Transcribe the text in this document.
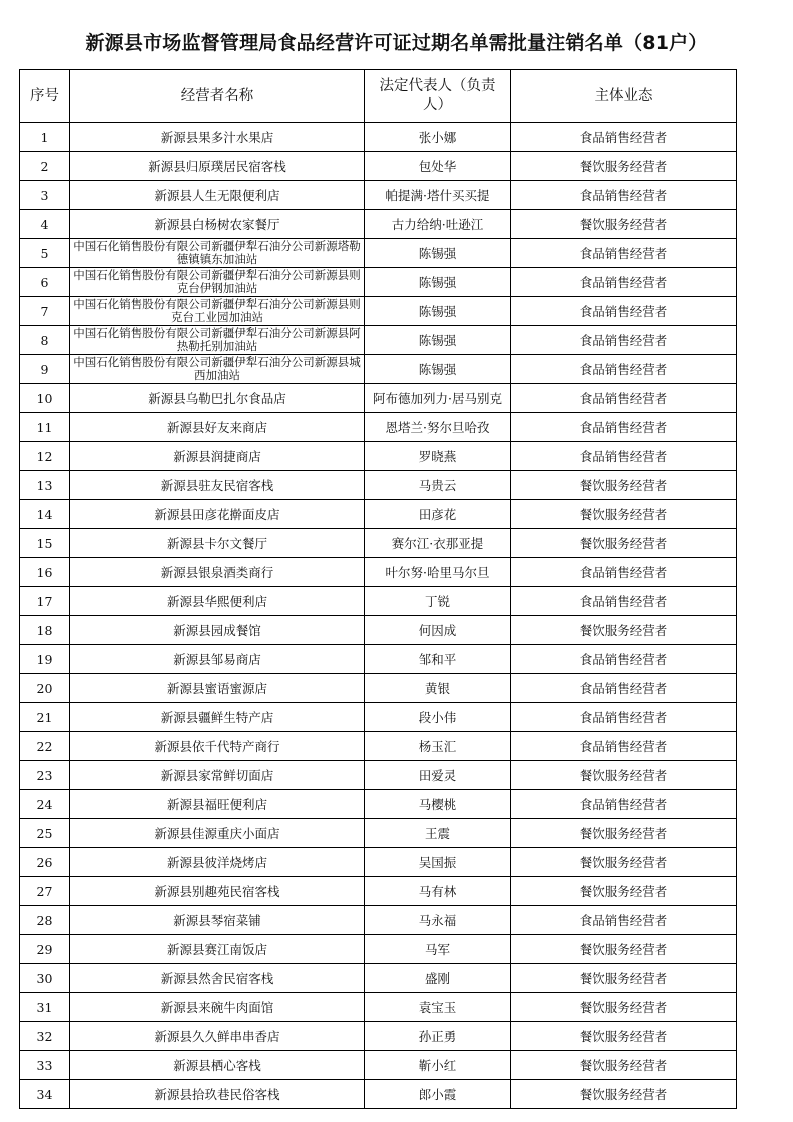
新源县市场监督管理局食品经营许可证过期名单需批量注销名单（81户）
序号	经营者名称	法定代表人（负责人）	主体业态
1	新源县果多汁水果店	张小娜	食品销售经营者
2	新源县归原璞居民宿客栈	包处华	餐饮服务经营者
3	新源县人生无限便利店	帕提满·塔什买买提	食品销售经营者
4	新源县白杨树农家餐厅	古力给纳·吐逊江	餐饮服务经营者
5	中国石化销售股份有限公司新疆伊犁石油分公司新源塔勒德镇镇东加油站	陈锡强	食品销售经营者
6	中国石化销售股份有限公司新疆伊犁石油分公司新源县则克台伊钢加油站	陈锡强	食品销售经营者
7	中国石化销售股份有限公司新疆伊犁石油分公司新源县则克台工业园加油站	陈锡强	食品销售经营者
8	中国石化销售股份有限公司新疆伊犁石油分公司新源县阿热勒托别加油站	陈锡强	食品销售经营者
9	中国石化销售股份有限公司新疆伊犁石油分公司新源县城西加油站	陈锡强	食品销售经营者
10	新源县乌勒巴扎尔食品店	阿布德加列力·居马别克	食品销售经营者
11	新源县好友来商店	恩塔兰·努尔旦哈孜	食品销售经营者
12	新源县润捷商店	罗晓燕	食品销售经营者
13	新源县驻友民宿客栈	马贵云	餐饮服务经营者
14	新源县田彦花擀面皮店	田彦花	餐饮服务经营者
15	新源县卡尔文餐厅	赛尔江·衣那亚提	餐饮服务经营者
16	新源县银泉酒类商行	叶尔努·哈里马尔旦	食品销售经营者
17	新源县华熙便利店	丁锐	食品销售经营者
18	新源县园成餐馆	何因成	餐饮服务经营者
19	新源县邹易商店	邹和平	食品销售经营者
20	新源县蜜语蜜源店	黄银	食品销售经营者
21	新源县疆鲜生特产店	段小伟	食品销售经营者
22	新源县依千代特产商行	杨玉汇	食品销售经营者
23	新源县家常鲜切面店	田爱灵	餐饮服务经营者
24	新源县福旺便利店	马樱桃	食品销售经营者
25	新源县佳源重庆小面店	王震	餐饮服务经营者
26	新源县彼洋烧烤店	吴国振	餐饮服务经营者
27	新源县别趣苑民宿客栈	马有林	餐饮服务经营者
28	新源县琴宿菜铺	马永福	食品销售经营者
29	新源县赛江南饭店	马军	餐饮服务经营者
30	新源县然舍民宿客栈	盛刚	餐饮服务经营者
31	新源县来碗牛肉面馆	袁宝玉	餐饮服务经营者
32	新源县久久鲜串串香店	孙正勇	餐饮服务经营者
33	新源县栖心客栈	靳小红	餐饮服务经营者
34	新源县拾玖巷民俗客栈	郎小霞	餐饮服务经营者
